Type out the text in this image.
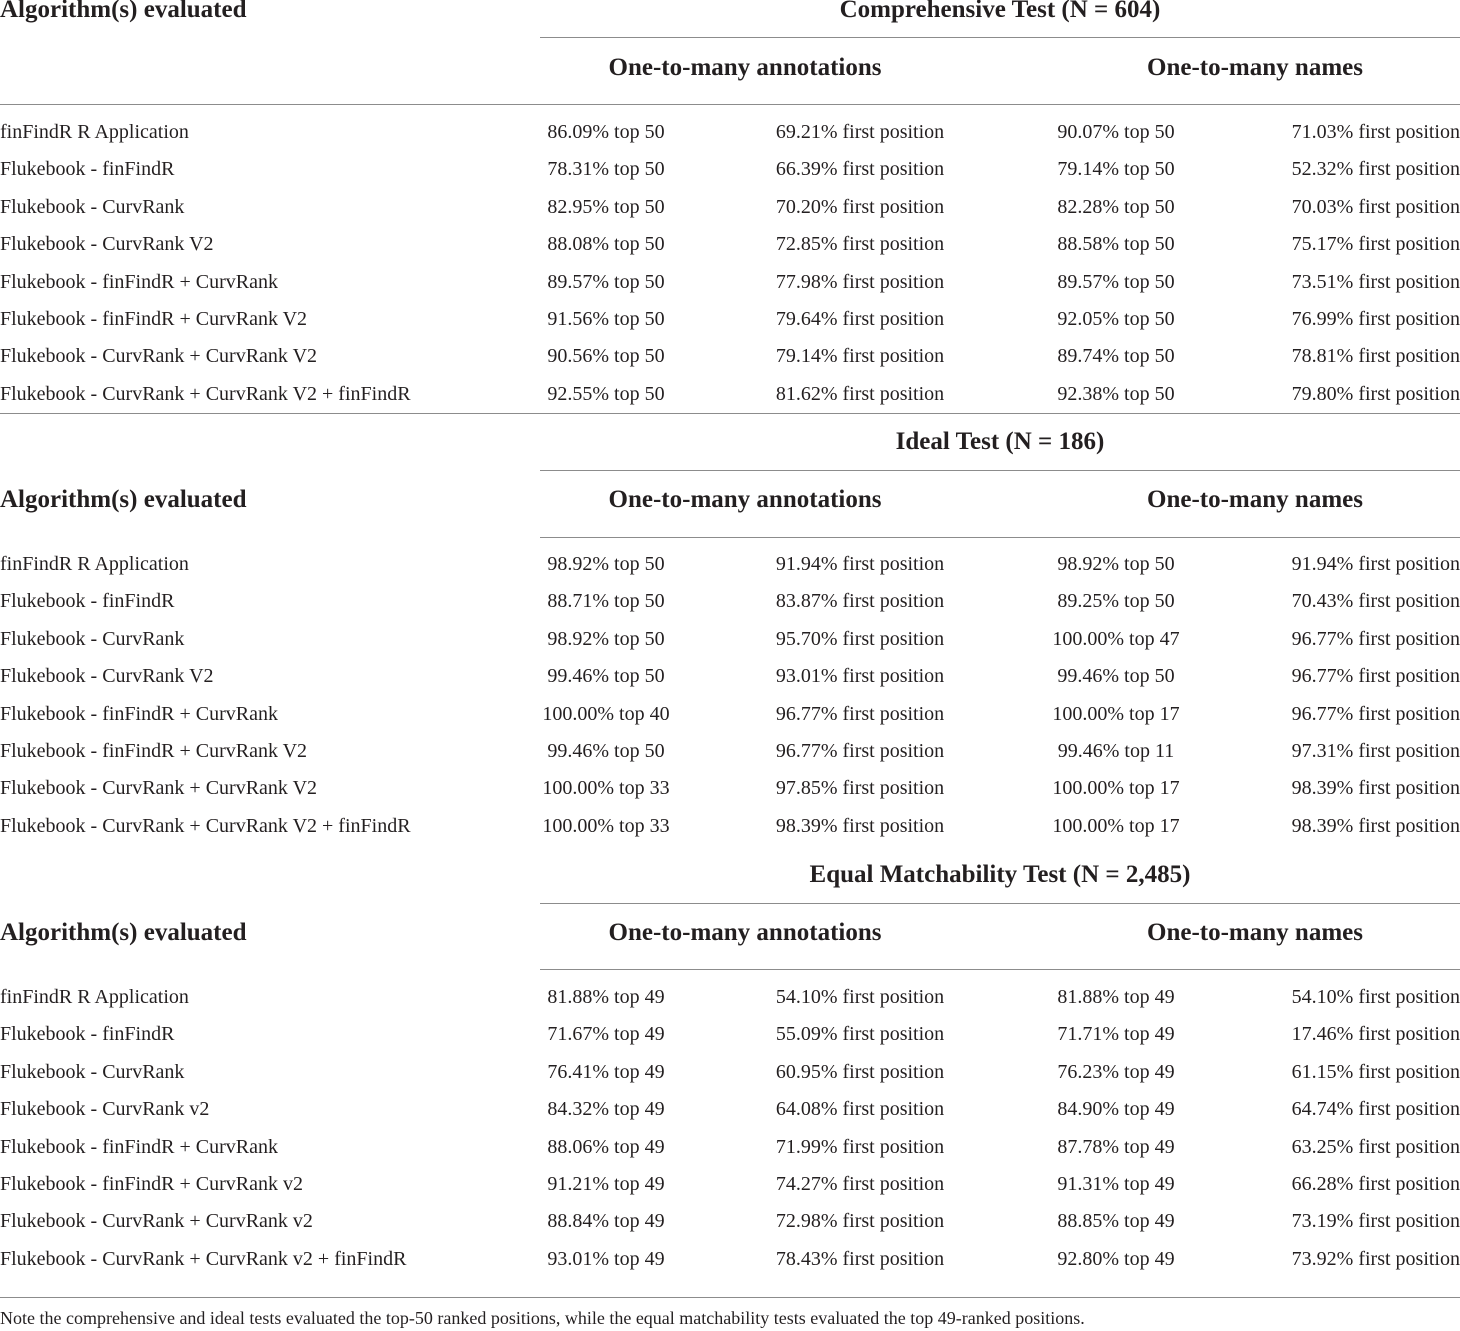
Algorithm(s) evaluated	Comprehensive Test (N = 604)
One-to-many annotations	One-to-many names
Ideal Test (N = 186)
Algorithm(s) evaluated	One-to-many annotations	One-to-many names
Equal Matchability Test (N = 2,485)
Algorithm(s) evaluated	One-to-many annotations	One-to-many names
Note the comprehensive and ideal tests evaluated the top-50 ranked positions, while the equal matchability tests evaluated the top 49-ranked positions.
finFindR R Application	86.09% top 50	69.21% first position	90.07% top 50	71.03% first position
Flukebook - finFindR	78.31% top 50	66.39% first position	79.14% top 50	52.32% first position
Flukebook - CurvRank	82.95% top 50	70.20% first position	82.28% top 50	70.03% first position
Flukebook - CurvRank V2	88.08% top 50	72.85% first position	88.58% top 50	75.17% first position
Flukebook - finFindR + CurvRank	89.57% top 50	77.98% first position	89.57% top 50	73.51% first position
Flukebook - finFindR + CurvRank V2	91.56% top 50	79.64% first position	92.05% top 50	76.99% first position
Flukebook - CurvRank + CurvRank V2	90.56% top 50	79.14% first position	89.74% top 50	78.81% first position
Flukebook - CurvRank + CurvRank V2 + finFindR	92.55% top 50	81.62% first position	92.38% top 50	79.80% first position
finFindR R Application	98.92% top 50	91.94% first position	98.92% top 50	91.94% first position
Flukebook - finFindR	88.71% top 50	83.87% first position	89.25% top 50	70.43% first position
Flukebook - CurvRank	98.92% top 50	95.70% first position	100.00% top 47	96.77% first position
Flukebook - CurvRank V2	99.46% top 50	93.01% first position	99.46% top 50	96.77% first position
Flukebook - finFindR + CurvRank	100.00% top 40	96.77% first position	100.00% top 17	96.77% first position
Flukebook - finFindR + CurvRank V2	99.46% top 50	96.77% first position	99.46% top 11	97.31% first position
Flukebook - CurvRank + CurvRank V2	100.00% top 33	97.85% first position	100.00% top 17	98.39% first position
Flukebook - CurvRank + CurvRank V2 + finFindR	100.00% top 33	98.39% first position	100.00% top 17	98.39% first position
finFindR R Application	81.88% top 49	54.10% first position	81.88% top 49	54.10% first position
Flukebook - finFindR	71.67% top 49	55.09% first position	71.71% top 49	17.46% first position
Flukebook - CurvRank	76.41% top 49	60.95% first position	76.23% top 49	61.15% first position
Flukebook - CurvRank v2	84.32% top 49	64.08% first position	84.90% top 49	64.74% first position
Flukebook - finFindR + CurvRank	88.06% top 49	71.99% first position	87.78% top 49	63.25% first position
Flukebook - finFindR + CurvRank v2	91.21% top 49	74.27% first position	91.31% top 49	66.28% first position
Flukebook - CurvRank + CurvRank v2	88.84% top 49	72.98% first position	88.85% top 49	73.19% first position
Flukebook - CurvRank + CurvRank v2 + finFindR	93.01% top 49	78.43% first position	92.80% top 49	73.92% first position
